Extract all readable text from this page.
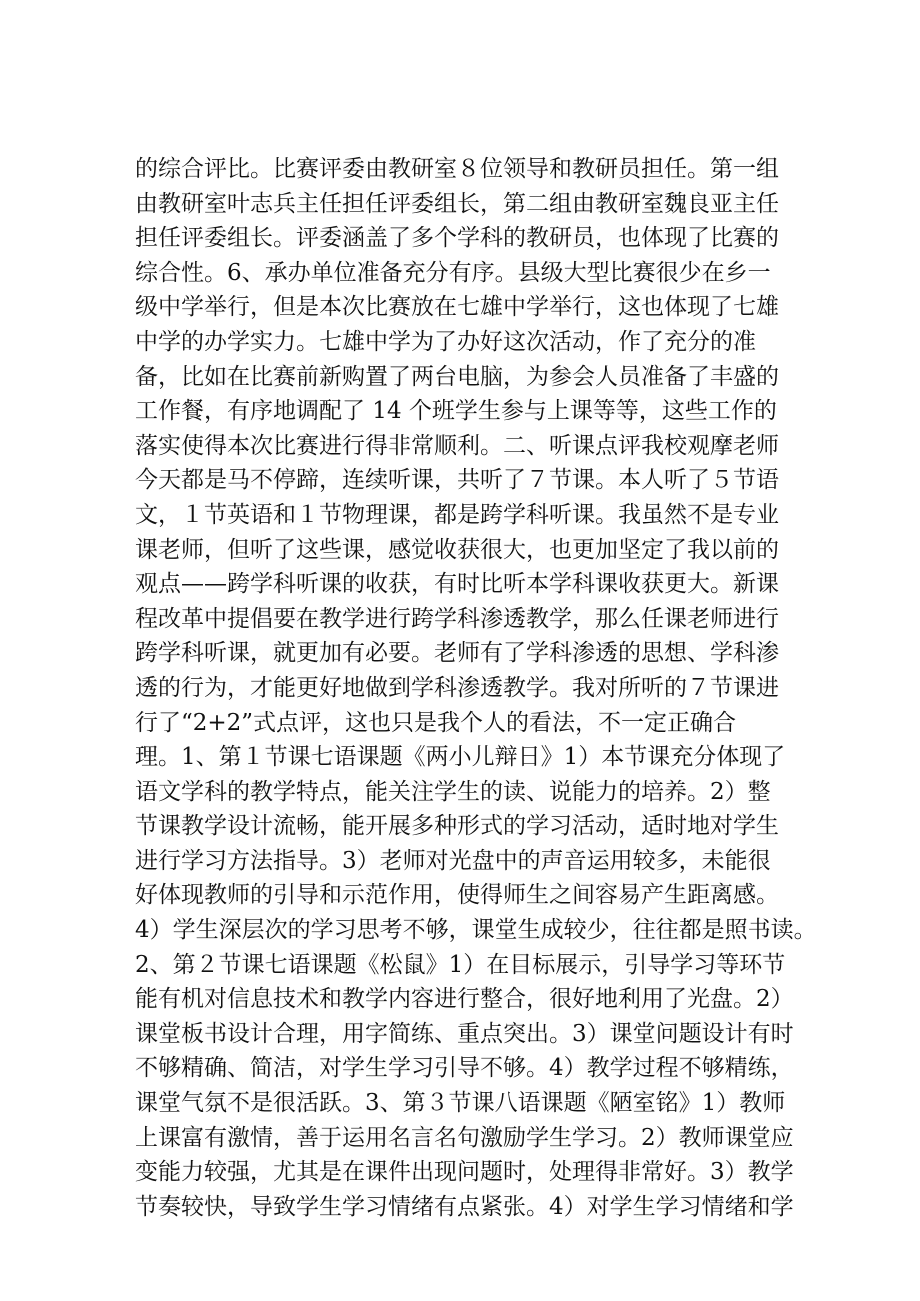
的综合评比。比赛评委由教研室８位领导和教研员担任。第一组
由教研室叶志兵主任担任评委组长，第二组由教研室魏良亚主任
担任评委组长。评委涵盖了多个学科的教研员，也体现了比赛的
综合性。6、承办单位准备充分有序。县级大型比赛很少在乡一
级中学举行，但是本次比赛放在七雄中学举行，这也体现了七雄
中学的办学实力。七雄中学为了办好这次活动，作了充分的准
备，比如在比赛前新购置了两台电脑，为参会人员准备了丰盛的
工作餐，有序地调配了 14 个班学生参与上课等等，这些工作的
落实使得本次比赛进行得非常顺利。二、听课点评我校观摩老师
今天都是马不停蹄，连续听课，共听了７节课。本人听了５节语
文，１节英语和１节物理课，都是跨学科听课。我虽然不是专业
课老师，但听了这些课，感觉收获很大，也更加坚定了我以前的
观点——跨学科听课的收获，有时比听本学科课收获更大。新课
程改革中提倡要在教学进行跨学科渗透教学，那么任课老师进行
跨学科听课，就更加有必要。老师有了学科渗透的思想、学科渗
透的行为，才能更好地做到学科渗透教学。我对所听的７节课进
行了“2+2”式点评，这也只是我个人的看法，不一定正确合
理。1、第１节课七语课题《两小儿辩日》1）本节课充分体现了
语文学科的教学特点，能关注学生的读、说能力的培养。2）整
节课教学设计流畅，能开展多种形式的学习活动，适时地对学生
进行学习方法指导。3）老师对光盘中的声音运用较多，未能很
好体现教师的引导和示范作用，使得师生之间容易产生距离感。
4）学生深层次的学习思考不够，课堂生成较少，往往都是照书读。
2、第２节课七语课题《松鼠》1）在目标展示，引导学习等环节
能有机对信息技术和教学内容进行整合，很好地利用了光盘。2）
课堂板书设计合理，用字简练、重点突出。3）课堂问题设计有时
不够精确、简洁，对学生学习引导不够。4）教学过程不够精练，
课堂气氛不是很活跃。3、第３节课八语课题《陋室铭》1）教师
上课富有激情，善于运用名言名句激励学生学习。2）教师课堂应
变能力较强，尤其是在课件出现问题时，处理得非常好。3）教学
节奏较快，导致学生学习情绪有点紧张。4）对学生学习情绪和学
